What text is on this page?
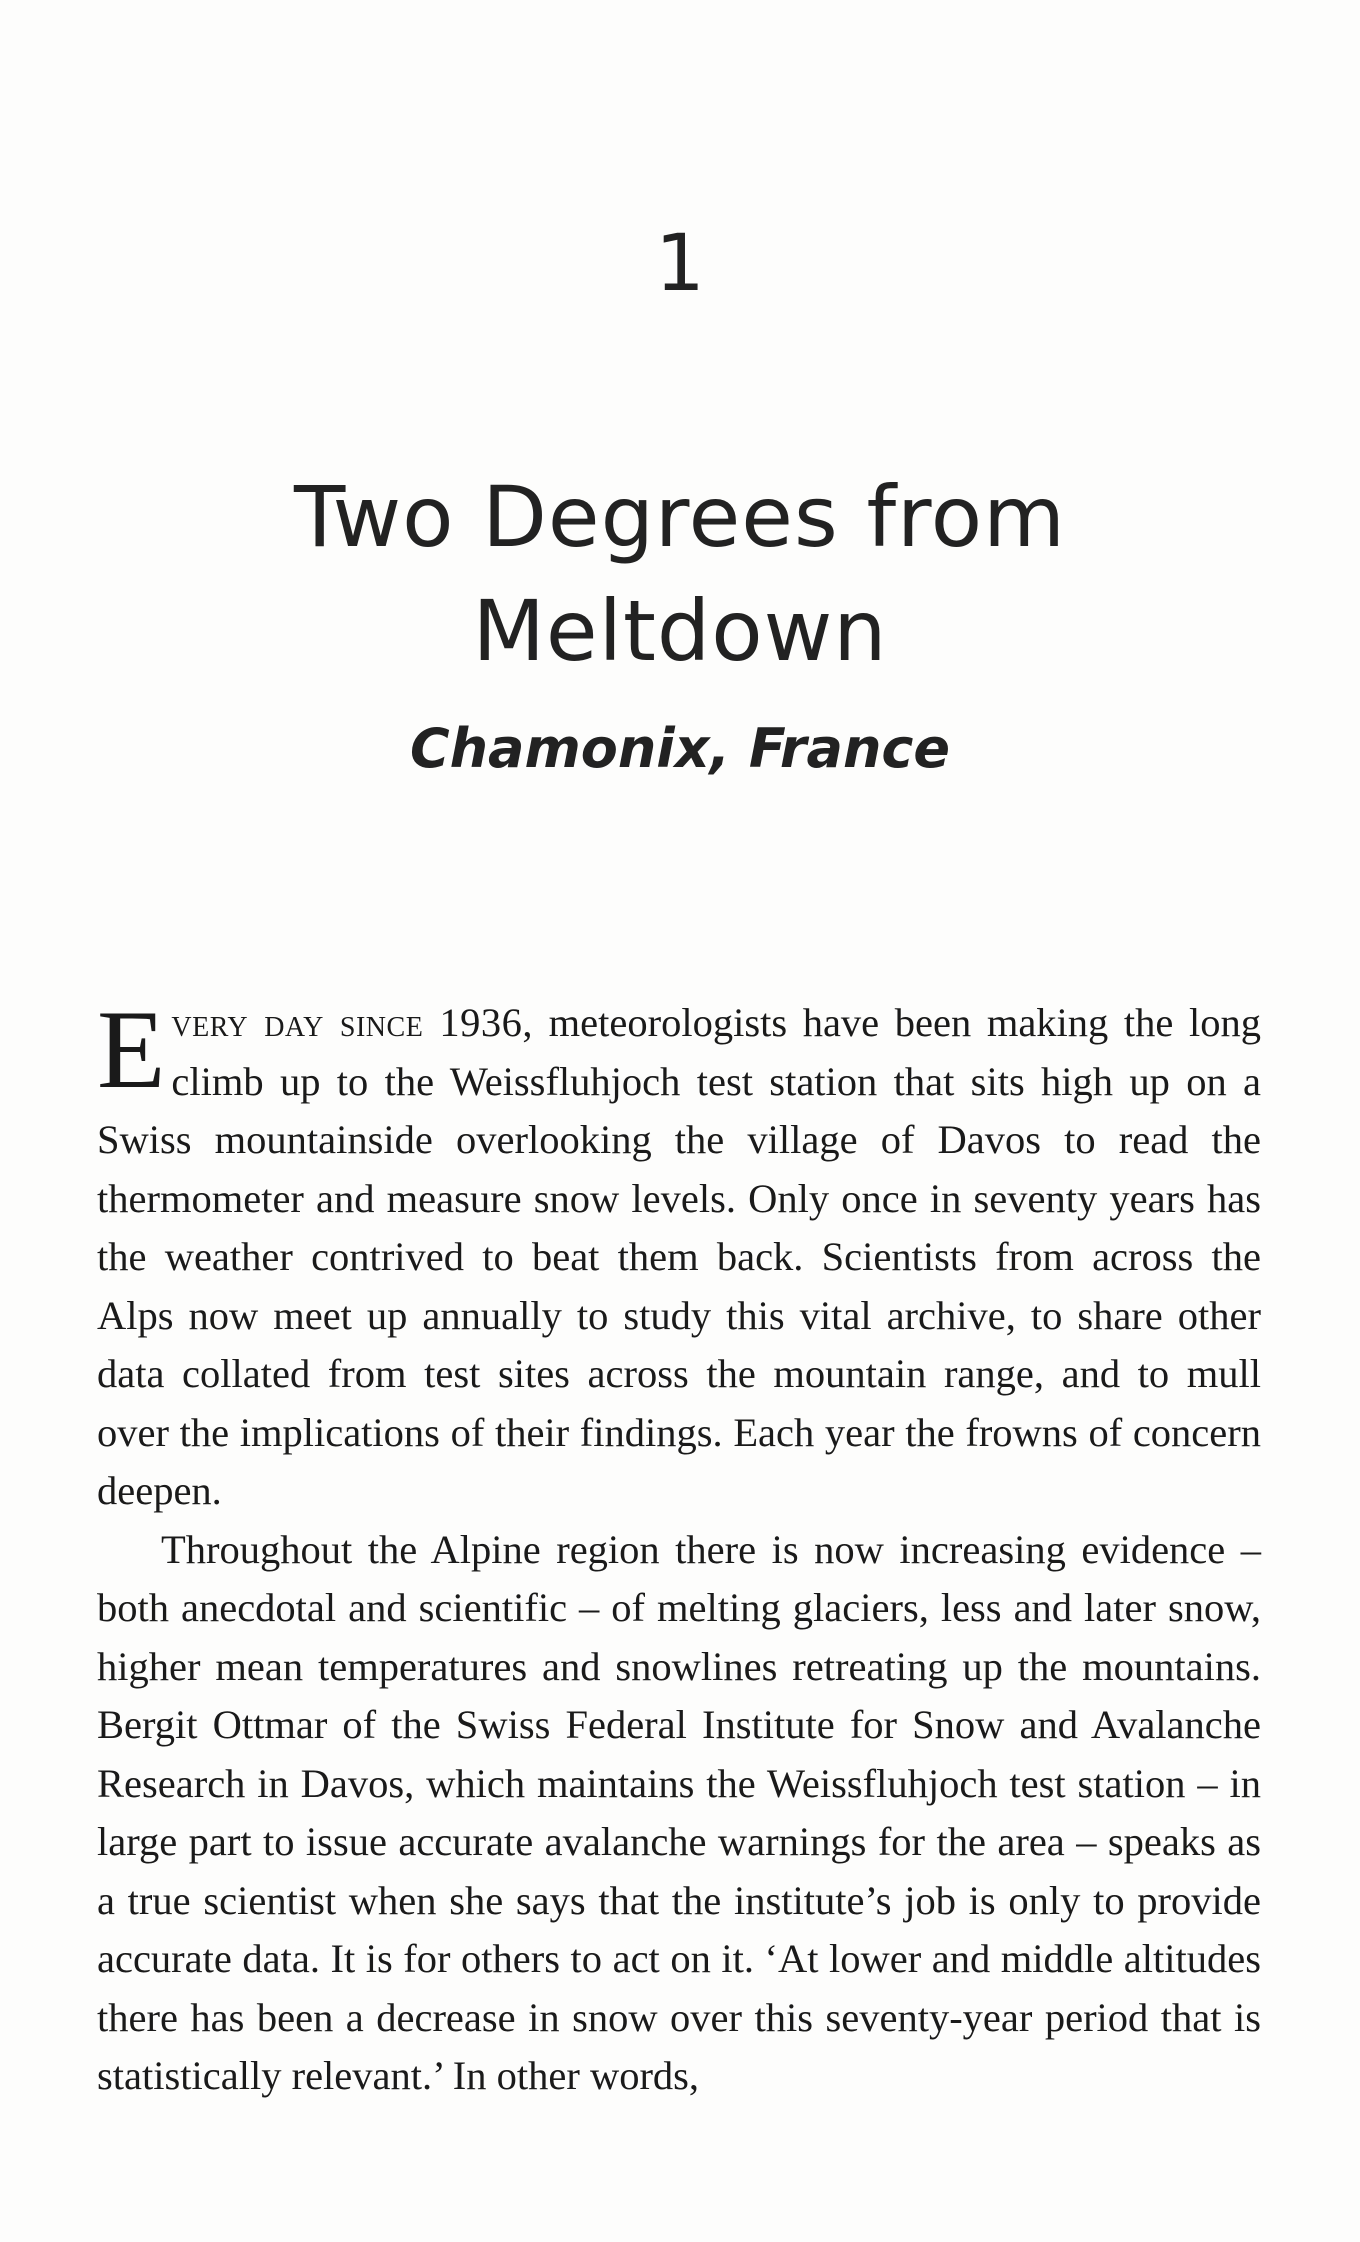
1
Two Degrees from
Meltdown
Chamonix, France

Every day since 1936, meteorologists have been making the long climb up to the Weissfluhjoch test station that sits high up on a Swiss mountainside overlooking the village of Davos to read the thermometer and measure snow levels. Only once in seventy years has the weather contrived to beat them back. Scientists from across the Alps now meet up annually to study this vital archive, to share other data collated from test sites across the mountain range, and to mull over the implications of their findings. Each year the frowns of concern deepen.

Throughout the Alpine region there is now increasing evidence – both anecdotal and scientific – of melting glaciers, less and later snow, higher mean temperatures and snowlines retreating up the mountains. Bergit Ottmar of the Swiss Federal Institute for Snow and Avalanche Research in Davos, which maintains the Weissfluhjoch test station – in large part to issue accurate avalanche warnings for the area – speaks as a true scientist when she says that the institute’s job is only to provide accurate data. It is for others to act on it. ‘At lower and middle altitudes there has been a decrease in snow over this seventy-year period that is statistically relevant.’ In other words,
